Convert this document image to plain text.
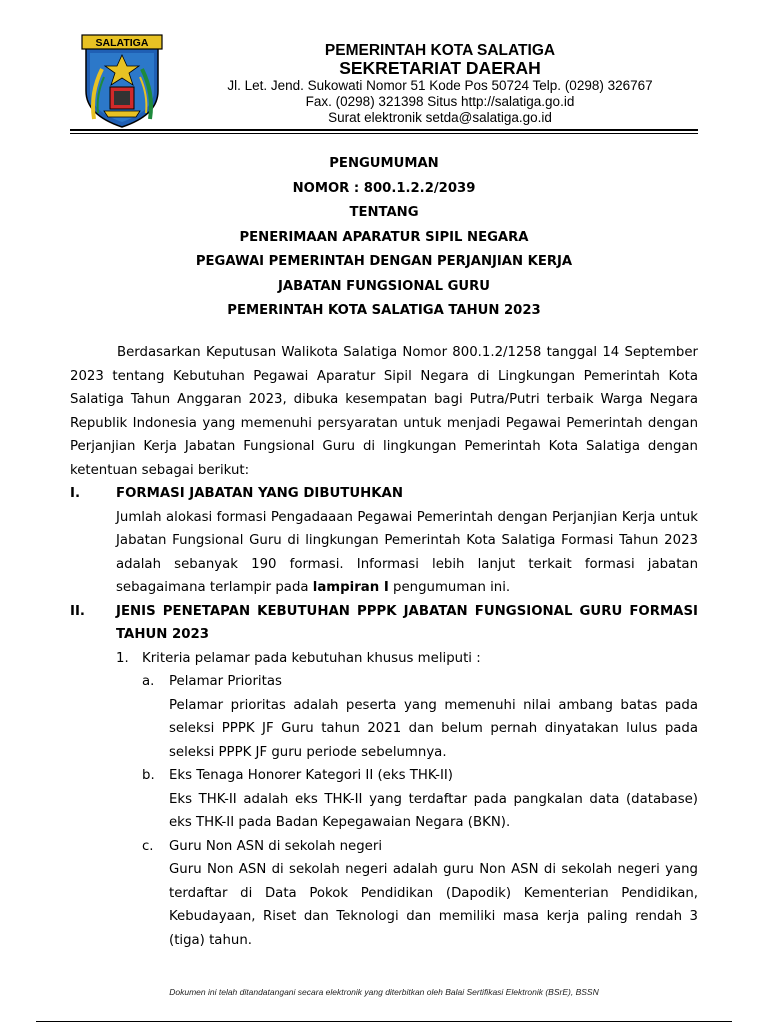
SALATIGA	PEMERINTAH KOTA SALATIGA
SEKRETARIAT DAERAH
Jl. Let. Jend. Sukowati Nomor 51 Kode Pos 50724 Telp. (0298) 326767
Fax. (0298) 321398 Situs http://salatiga.go.id
Surat elektronik setda@salatiga.go.id
PENGUMUMAN
NOMOR : 800.1.2.2/2039
TENTANG
PENERIMAAN APARATUR SIPIL NEGARA
PEGAWAI PEMERINTAH DENGAN PERJANJIAN KERJA
JABATAN FUNGSIONAL GURU
PEMERINTAH KOTA SALATIGA TAHUN 2023

Berdasarkan Keputusan Walikota Salatiga Nomor 800.1.2/1258 tanggal 14 September 2023 tentang Kebutuhan Pegawai Aparatur Sipil Negara di Lingkungan Pemerintah Kota Salatiga Tahun Anggaran 2023, dibuka kesempatan bagi Putra/Putri terbaik Warga Negara Republik Indonesia yang memenuhi persyaratan untuk menjadi Pegawai Pemerintah dengan Perjanjian Kerja Jabatan Fungsional Guru di lingkungan Pemerintah Kota Salatiga dengan ketentuan sebagai berikut:

I.	FORMASI JABATAN YANG DIBUTUHKAN

Jumlah alokasi formasi Pengadaaan Pegawai Pemerintah dengan Perjanjian Kerja untuk Jabatan Fungsional Guru di lingkungan Pemerintah Kota Salatiga Formasi Tahun 2023 adalah sebanyak 190 formasi. Informasi lebih lanjut terkait formasi jabatan sebagaimana terlampir pada lampiran I pengumuman ini.

II.	JENIS PENETAPAN KEBUTUHAN PPPK JABATAN FUNGSIONAL GURU FORMASI TAHUN 2023
1.	Kriteria pelamar pada kebutuhan khusus meliputi :
a.	Pelamar Prioritas

Pelamar prioritas adalah peserta yang memenuhi nilai ambang batas pada seleksi PPPK JF Guru tahun 2021 dan belum pernah dinyatakan lulus pada seleksi PPPK JF guru periode sebelumnya.

b.	Eks Tenaga Honorer Kategori II (eks THK-II)

Eks THK-II adalah eks THK-II yang terdaftar pada pangkalan data (database) eks THK-II pada Badan Kepegawaian Negara (BKN).

c.	Guru Non ASN di sekolah negeri

Guru Non ASN di sekolah negeri adalah guru Non ASN di sekolah negeri yang terdaftar di Data Pokok Pendidikan (Dapodik) Kementerian Pendidikan, Kebudayaan, Riset dan Teknologi dan memiliki masa kerja paling rendah 3 (tiga) tahun.

Dokumen ini telah ditandatangani secara elektronik yang diterbitkan oleh Balai Sertifikasi Elektronik (BSrE), BSSN
